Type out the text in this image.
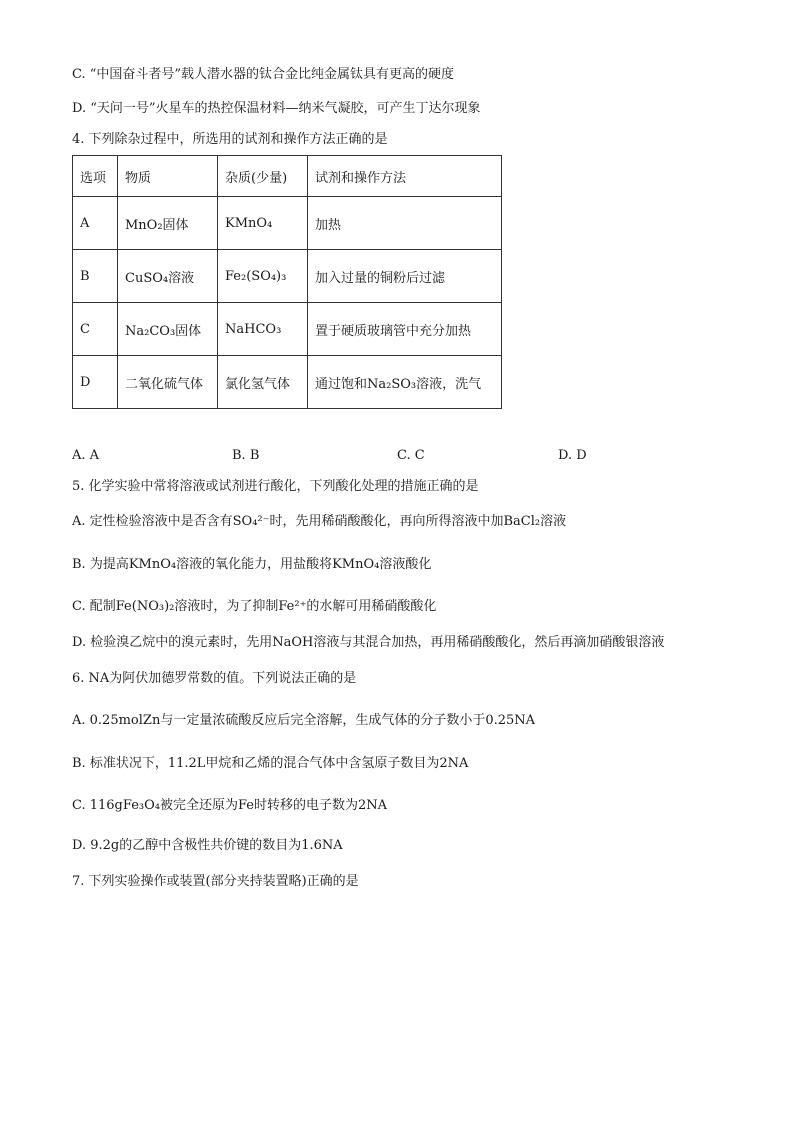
C. “中国奋斗者号”载人潜水器的钛合金比纯金属钛具有更高的硬度
D. “天问一号”火星车的热控保温材料—纳米气凝胶，可产生丁达尔现象
4. 下列除杂过程中，所选用的试剂和操作方法正确的是
选项	物质	杂质(少量)	试剂和操作方法
A	MnO₂固体	KMnO₄	加热
B	CuSO₄溶液	Fe₂(SO₄)₃	加入过量的铜粉后过滤
C	Na₂CO₃固体	NaHCO₃	置于硬质玻璃管中充分加热
D	二氧化硫气体	氯化氢气体	通过饱和Na₂SO₃溶液，洗气
A. A	B. B	C. C	D. D
5. 化学实验中常将溶液或试剂进行酸化，下列酸化处理的措施正确的是
A. 定性检验溶液中是否含有SO₄²⁻时，先用稀硝酸酸化，再向所得溶液中加BaCl₂溶液
B. 为提高KMnO₄溶液的氧化能力，用盐酸将KMnO₄溶液酸化
C. 配制Fe(NO₃)₂溶液时，为了抑制Fe²⁺的水解可用稀硝酸酸化
D. 检验溴乙烷中的溴元素时，先用NaOH溶液与其混合加热，再用稀硝酸酸化，然后再滴加硝酸银溶液
6. NA为阿伏加德罗常数的值。下列说法正确的是
A. 0.25molZn与一定量浓硫酸反应后完全溶解，生成气体的分子数小于0.25NA
B. 标准状况下，11.2L甲烷和乙烯的混合气体中含氢原子数目为2NA
C. 116gFe₃O₄被完全还原为Fe时转移的电子数为2NA
D. 9.2g的乙醇中含极性共价键的数目为1.6NA
7. 下列实验操作或装置(部分夹持装置略)正确的是
